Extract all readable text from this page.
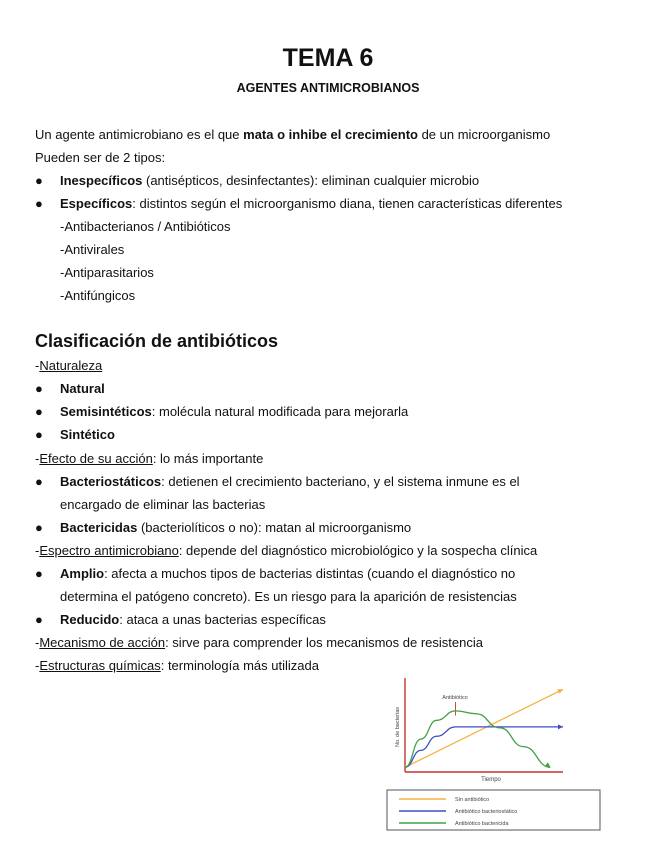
TEMA 6
AGENTES ANTIMICROBIANOS
Un agente antimicrobiano es el que mata o inhibe el crecimiento de un microorganismo
Pueden ser de 2 tipos:
● Inespecíficos (antisépticos, desinfectantes): eliminan cualquier microbio
● Específicos: distintos según el microorganismo diana, tienen características diferentes
-Antibacterianos / Antibióticos
-Antivirales
-Antiparasitarios
-Antifúngicos
Clasificación de antibióticos
-Naturaleza
● Natural
● Semisintéticos: molécula natural modificada para mejorarla
● Sintético
-Efecto de su acción: lo más importante
● Bacteriostáticos: detienen el crecimiento bacteriano, y el sistema inmune es el
encargado de eliminar las bacterias
● Bactericidas (bacteriolíticos o no): matan al microorganismo
-Espectro antimicrobiano: depende del diagnóstico microbiológico y la sospecha clínica
● Amplio: afecta a muchos tipos de bacterias distintas (cuando el diagnóstico no
determina el patógeno concreto). Es un riesgo para la aparición de resistencias
● Reducido: ataca a unas bacterias específicas
-Mecanismo de acción: sirve para comprender los mecanismos de resistencia
-Estructuras químicas: terminología más utilizada
Tiempo
No. de bacterias
Antibiótico
Sin antibiótico
Antibiótico bacteriostático
Antibiótico bactericida
